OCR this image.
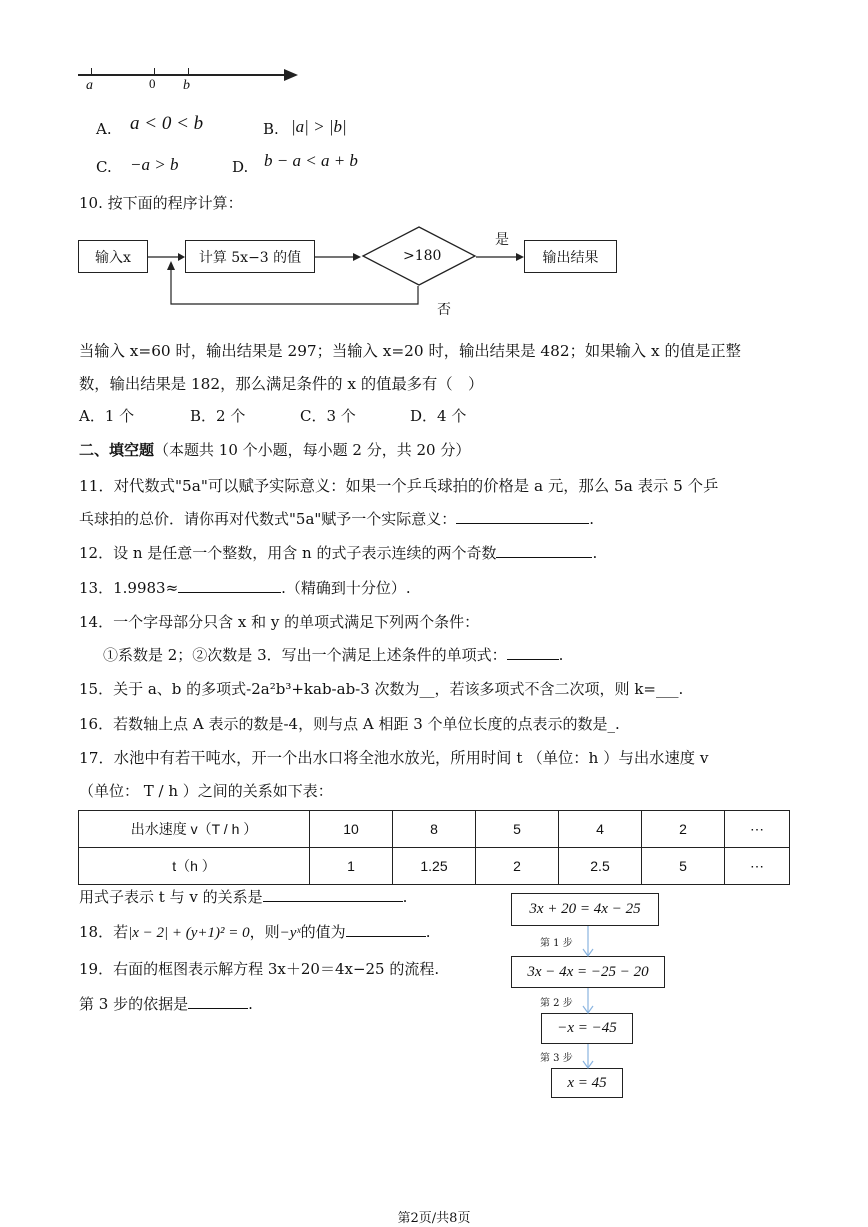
a	0 b
A. a < 0 < b	B. |a| > |b|
C. −a > b	D. b − a < a + b
10. 按下面的程序计算：
输入x	计算 5x−3 的值	>180	输出结果
是
否
当输入 x=60 时，输出结果是 297；当输入 x=20 时，输出结果是 482；如果输入 x 的值是正整
数，输出结果是 182，那么满足条件的 x 的值最多有（　）
A．1 个	B．2 个	C．3 个	D．4 个
二、填空题（本题共 10 个小题，每小题 2 分，共 20 分）
11．对代数式"5a"可以赋予实际意义：如果一个乒乓球拍的价格是 a 元，那么 5a 表示 5 个乒
乓球拍的总价．请你再对代数式"5a"赋予一个实际意义：	.
12．设 n 是任意一个整数，用含 n 的式子表示连续的两个奇数	.
13．1.9983≈	.（精确到十分位）.
14．一个字母部分只含 x 和 y 的单项式满足下列两个条件：
①系数是 2；②次数是 3．写出一个满足上述条件的单项式：	.
15．关于 a、b 的多项式-2a²b³+kab-ab-3 次数为__，若该多项式不含二次项，则 k=___.
16．若数轴上点 A 表示的数是-4，则与点 A 相距 3 个单位长度的点表示的数是_.
17．水池中有若干吨水，开一个出水口将全池水放光，所用时间 t （单位：h ）与出水速度 v
（单位： T / h ）之间的关系如下表：
出水速度 v（T / h ）	10	8	5	4	2	⋯
t（h ）	1	1.25	2	2.5	5	⋯
用式子表示 t 与 v 的关系是	.
18．若|x − 2| + (y+1)² = 0，则−yˣ的值为	.
19．右面的框图表示解方程 3x＋20＝4x−25 的流程.
第 3 步的依据是	.
3x + 20 = 4x − 25
3x − 4x = −25 − 20
−x = −45
x = 45
第 1 步
第 2 步
第 3 步
第2页/共8页
